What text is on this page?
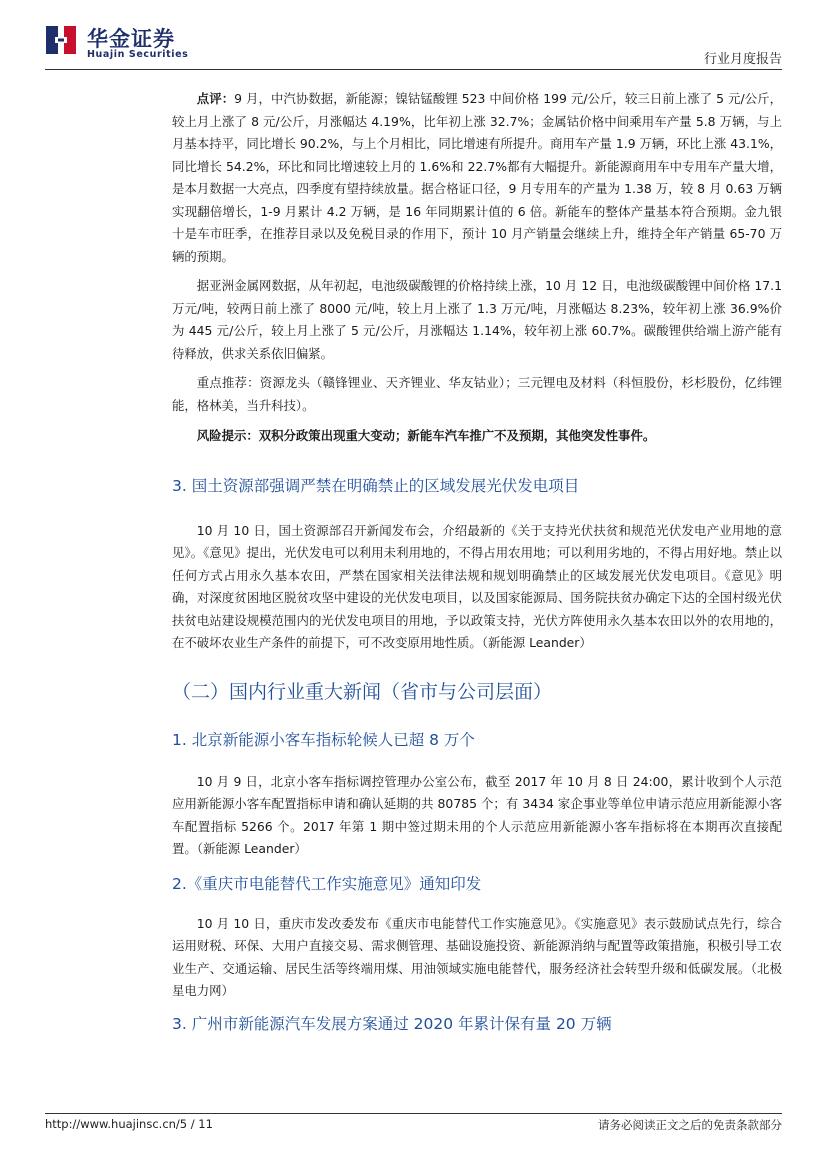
华金证券
Huajin Securities	行业月度报告

点评：9 月，中汽协数据，新能源；镍钴锰酸锂 523 中间价格 199 元/公斤，较三日前上涨了 5 元/公斤，较上月上涨了 8 元/公斤，月涨幅达 4.19%，比年初上涨 32.7%；金属钴价格中间乘用车产量 5.8 万辆，与上月基本持平，同比增长 90.2%，与上个月相比，同比增速有所提升。商用车产量 1.9 万辆，环比上涨 43.1%，同比增长 54.2%，环比和同比增速较上月的 1.6%和 22.7%都有大幅提升。新能源商用车中专用车产量大增，是本月数据一大亮点，四季度有望持续放量。据合格证口径，9 月专用车的产量为 1.38 万，较 8 月 0.63 万辆实现翻倍增长，1-9 月累计 4.2 万辆，是 16 年同期累计值的 6 倍。新能车的整体产量基本符合预期。金九银十是车市旺季，在推荐目录以及免税目录的作用下，预计 10 月产销量会继续上升，维持全年产销量 65-70 万辆的预期。

据亚洲金属网数据，从年初起，电池级碳酸锂的价格持续上涨，10 月 12 日，电池级碳酸锂中间价格 17.1 万元/吨，较两日前上涨了 8000 元/吨，较上月上涨了 1.3 万元/吨，月涨幅达 8.23%，较年初上涨 36.9%价为 445 元/公斤，较上月上涨了 5 元/公斤，月涨幅达 1.14%，较年初上涨 60.7%。碳酸锂供给端上游产能有待释放，供求关系依旧偏紧。

重点推荐：资源龙头（赣锋锂业、天齐锂业、华友钴业）；三元锂电及材料（科恒股份，杉杉股份，亿纬锂能，格林美，当升科技）。

风险提示：双积分政策出现重大变动；新能车汽车推广不及预期，其他突发性事件。

3. 国土资源部强调严禁在明确禁止的区域发展光伏发电项目

10 月 10 日，国土资源部召开新闻发布会，介绍最新的《关于支持光伏扶贫和规范光伏发电产业用地的意见》。《意见》提出，光伏发电可以利用未利用地的，不得占用农用地；可以利用劣地的，不得占用好地。禁止以任何方式占用永久基本农田，严禁在国家相关法律法规和规划明确禁止的区域发展光伏发电项目。《意见》明确，对深度贫困地区脱贫攻坚中建设的光伏发电项目，以及国家能源局、国务院扶贫办确定下达的全国村级光伏扶贫电站建设规模范围内的光伏发电项目的用地，予以政策支持，光伏方阵使用永久基本农田以外的农用地的，在不破坏农业生产条件的前提下，可不改变原用地性质。（新能源 Leander）

（二）国内行业重大新闻（省市与公司层面）
1. 北京新能源小客车指标轮候人已超 8 万个

10 月 9 日，北京小客车指标调控管理办公室公布，截至 2017 年 10 月 8 日 24:00，累计收到个人示范应用新能源小客车配置指标申请和确认延期的共 80785 个；有 3434 家企事业等单位申请示范应用新能源小客车配置指标 5266 个。2017 年第 1 期中签过期未用的个人示范应用新能源小客车指标将在本期再次直接配置。（新能源 Leander）

2.《重庆市电能替代工作实施意见》通知印发

10 月 10 日，重庆市发改委发布《重庆市电能替代工作实施意见》。《实施意见》表示鼓励试点先行，综合运用财税、环保、大用户直接交易、需求侧管理、基础设施投资、新能源消纳与配置等政策措施，积极引导工农业生产、交通运输、居民生活等终端用煤、用油领域实施电能替代，服务经济社会转型升级和低碳发展。（北极星电力网）

3. 广州市新能源汽车发展方案通过 2020 年累计保有量 20 万辆
http://www.huajinsc.cn/5 / 11	请务必阅读正文之后的免责条款部分
